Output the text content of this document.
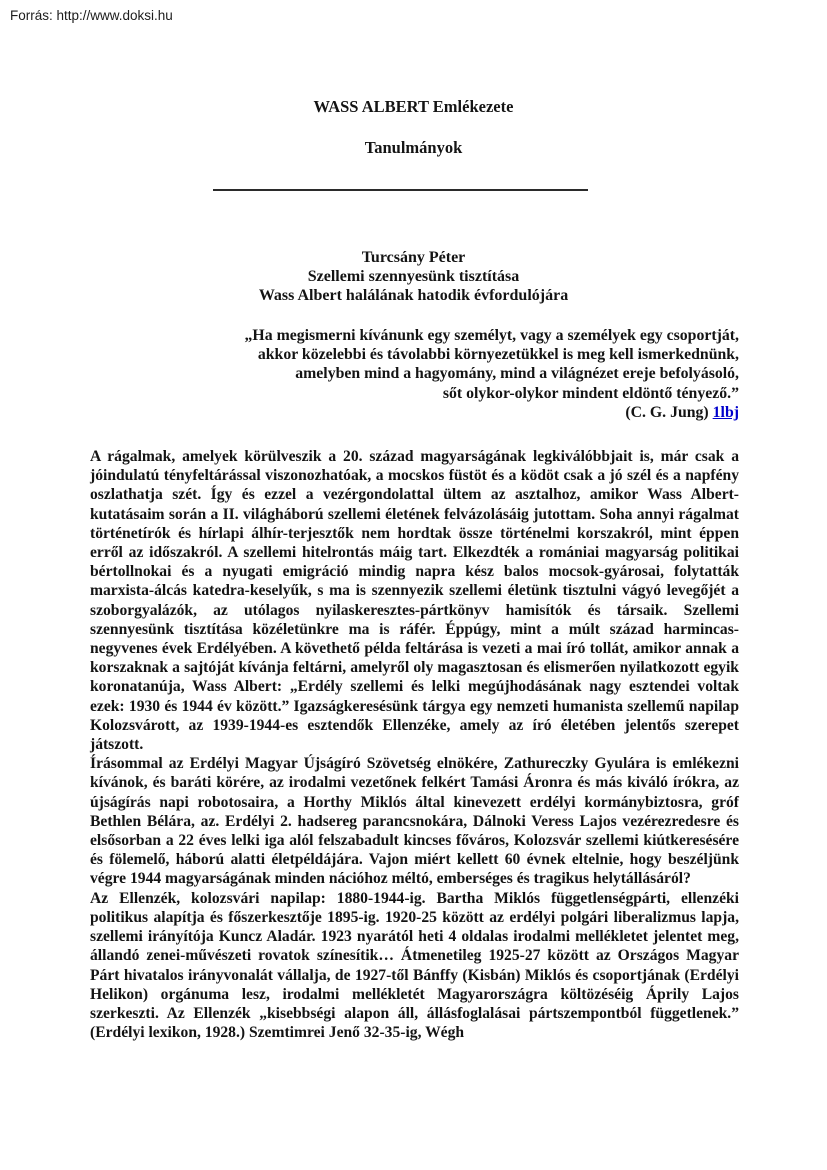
Forrás: http://www.doksi.hu
WASS ALBERT Emlékezete
Tanulmányok
Turcsány Péter
Szellemi szennyesünk tisztítása
Wass Albert halálának hatodik évfordulójára
„Ha megismerni kívánunk egy személyt, vagy a személyek egy csoportját,
akkor közelebbi és távolabbi környezetükkel is meg kell ismerkednünk,
amelyben mind a hagyomány, mind a világnézet ereje befolyásoló,
sőt olykor-olykor mindent eldöntő tényező.”
(C. G. Jung) 1lbj

A rágalmak, amelyek körülveszik a 20. század magyarságának legkiválóbbjait is, már csak a jóindulatú tényfeltárással viszonozhatóak, a mocskos füstöt és a ködöt csak a jó szél és a napfény oszlathatja szét. Így és ezzel a vezérgondolattal ültem az asztalhoz, amikor Wass Albert-kutatásaim során a II. világháború szellemi életének felvázolásáig jutottam. Soha annyi rágalmat történetírók és hírlapi álhír-terjesztők nem hordtak össze történelmi korszakról, mint éppen erről az időszakról. A szellemi hitelrontás máig tart. Elkezdték a romániai magyarság politikai bértollnokai és a nyugati emigráció mindig napra kész balos mocsok-gyárosai, folytatták marxista-álcás katedra-keselyűk, s ma is szennyezik szellemi életünk tisztulni vágyó levegőjét a szoborgyalázók, az utólagos nyilaskeresztes-pártkönyv hamisítók és társaik. Szellemi szennyesünk tisztítása közéletünkre ma is ráfér. Éppúgy, mint a múlt század harmincas-negyvenes évek Erdélyében. A követhető példa feltárása is vezeti a mai író tollát, amikor annak a korszaknak a sajtóját kívánja feltárni, amelyről oly magasztosan és elismerően nyilatkozott egyik koronatanúja, Wass Albert: „Erdély szellemi és lelki megújhodásának nagy esztendei voltak ezek: 1930 és 1944 év között.” Igazságkeresésünk tárgya egy nemzeti humanista szellemű napilap Kolozsvárott, az 1939-1944-es esztendők Ellenzéke, amely az író életében jelentős szerepet játszott.

Írásommal az Erdélyi Magyar Újságíró Szövetség elnökére, Zathureczky Gyulára is emlékezni kívánok, és baráti körére, az irodalmi vezetőnek felkért Tamási Áronra és más kiváló írókra, az újságírás napi robotosaira, a Horthy Miklós által kinevezett erdélyi kormánybiztosra, gróf Bethlen Bélára, az. Erdélyi 2. hadsereg parancsnokára, Dálnoki Veress Lajos vezérezredesre és elsősorban a 22 éves lelki iga alól felszabadult kincses főváros, Kolozsvár szellemi kiútkeresésére és fölemelő, háború alatti életpéldájára. Vajon miért kellett 60 évnek eltelnie, hogy beszéljünk végre 1944 magyarságának minden nációhoz méltó, emberséges és tragikus helytállásáról?

Az Ellenzék, kolozsvári napilap: 1880-1944-ig. Bartha Miklós függetlenségpárti, ellenzéki politikus alapítja és főszerkesztője 1895-ig. 1920-25 között az erdélyi polgári liberalizmus lapja, szellemi irányítója Kuncz Aladár. 1923 nyarától heti 4 oldalas irodalmi mellékletet jelentet meg, állandó zenei-művészeti rovatok színesítik… Átmenetileg 1925-27 között az Országos Magyar Párt hivatalos irányvonalát vállalja, de 1927-től Bánffy (Kisbán) Miklós és csoportjának (Erdélyi Helikon) orgánuma lesz, irodalmi mellékletét Magyarországra költözéséig Áprily Lajos szerkeszti. Az Ellenzék „kisebbségi alapon áll, állásfoglalásai pártszempontból függetlenek.” (Erdélyi lexikon, 1928.) Szemtimrei Jenő 32-35-ig, Wégh
